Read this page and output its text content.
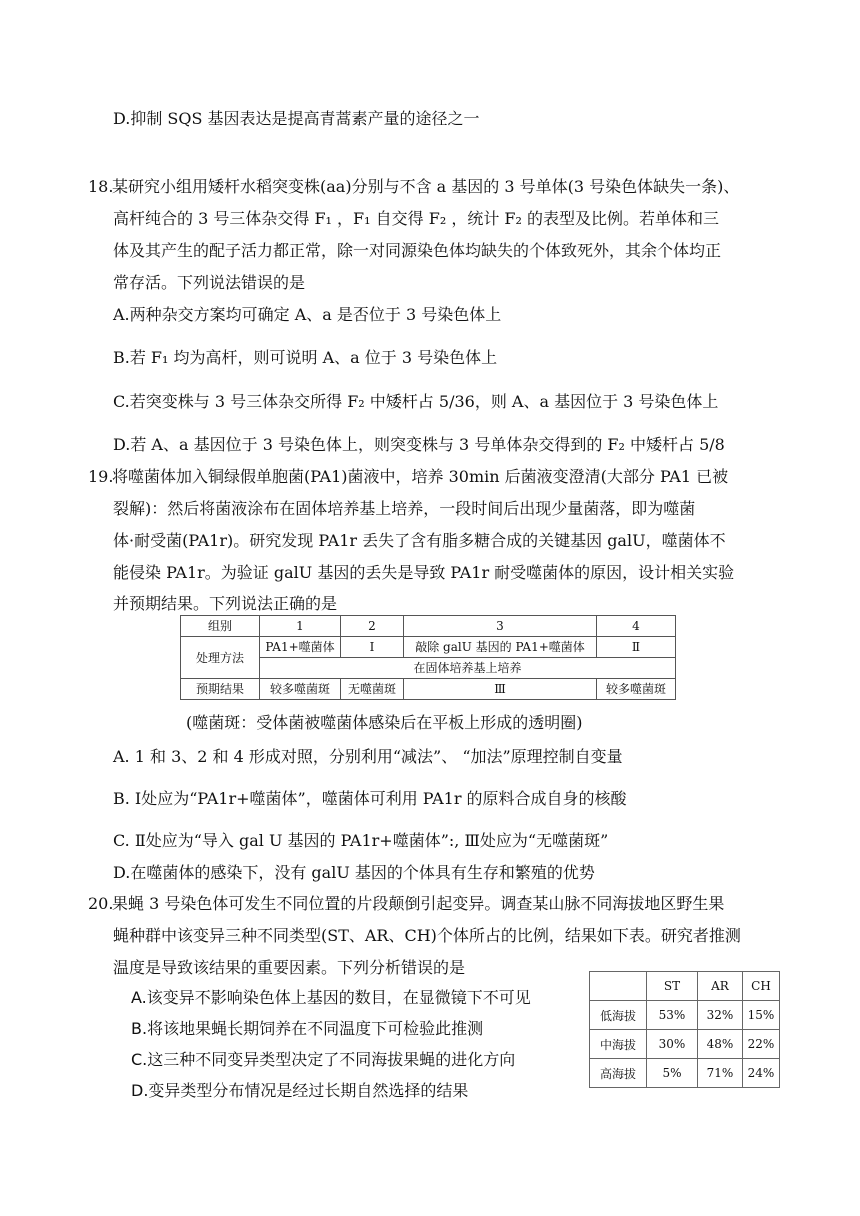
D.抑制 SQS 基因表达是提高青蒿素产量的途径之一
18.
某研究小组用矮杆水稻突变株(aa)分别与不含 a 基因的 3 号单体(3 号染色体缺失一条)、
高杆纯合的 3 号三体杂交得 F₁ ，F₁ 自交得 F₂ ，统计 F₂ 的表型及比例。若单体和三
体及其产生的配子活力都正常，除一对同源染色体均缺失的个体致死外，其余个体均正
常存活。下列说法错误的是
A.两种杂交方案均可确定 A、a 是否位于 3 号染色体上
B.若 F₁ 均为高杆，则可说明 A、a 位于 3 号染色体上
C.若突变株与 3 号三体杂交所得 F₂ 中矮杆占 5/36，则 A、a 基因位于 3 号染色体上
D.若 A、a 基因位于 3 号染色体上，则突变株与 3 号单体杂交得到的 F₂ 中矮杆占 5/8
19.
将噬菌体加入铜绿假单胞菌(PA1)菌液中，培养 30min 后菌液变澄清(大部分 PA1 已被
裂解)：然后将菌液涂布在固体培养基上培养，一段时间后出现少量菌落，即为噬菌
体·耐受菌(PA1r)。研究发现 PA1r 丢失了含有脂多糖合成的关键基因 galU，噬菌体不
能侵染 PA1r。为验证 galU 基因的丢失是导致 PA1r 耐受噬菌体的原因，设计相关实验
并预期结果。下列说法正确的是
组别	1	2	3	4
处理方法	PA1+噬菌体	Ⅰ	敲除 galU 基因的 PA1+噬菌体	Ⅱ
	在固体培养基上培养			
预期结果	较多噬菌斑	无噬菌斑	Ⅲ	较多噬菌斑
(噬菌斑：受体菌被噬菌体感染后在平板上形成的透明圈)
A. 1 和 3、2 和 4 形成对照，分别利用“减法”、 “加法”原理控制自变量
B. Ⅰ处应为“PA1r+噬菌体”，噬菌体可利用 PA1r 的原料合成自身的核酸
C. Ⅱ处应为“导入 gal U 基因的 PA1r+噬菌体”:, Ⅲ处应为“无噬菌斑”
D.在噬菌体的感染下，没有 galU 基因的个体具有生存和繁殖的优势
20.
果蝇 3 号染色体可发生不同位置的片段颠倒引起变异。调查某山脉不同海拔地区野生果
蝇种群中该变异三种不同类型(ST、AR、CH)个体所占的比例，结果如下表。研究者推测
温度是导致该结果的重要因素。下列分析错误的是
A.该变异不影响染色体上基因的数目，在显微镜下不可见
B.将该地果蝇长期饲养在不同温度下可检验此推测
C.这三种不同变异类型决定了不同海拔果蝇的进化方向
D.变异类型分布情况是经过长期自然选择的结果
	ST	AR	CH
低海拔	53%	32%	15%
中海拔	30%	48%	22%
高海拔	5%	71%	24%
